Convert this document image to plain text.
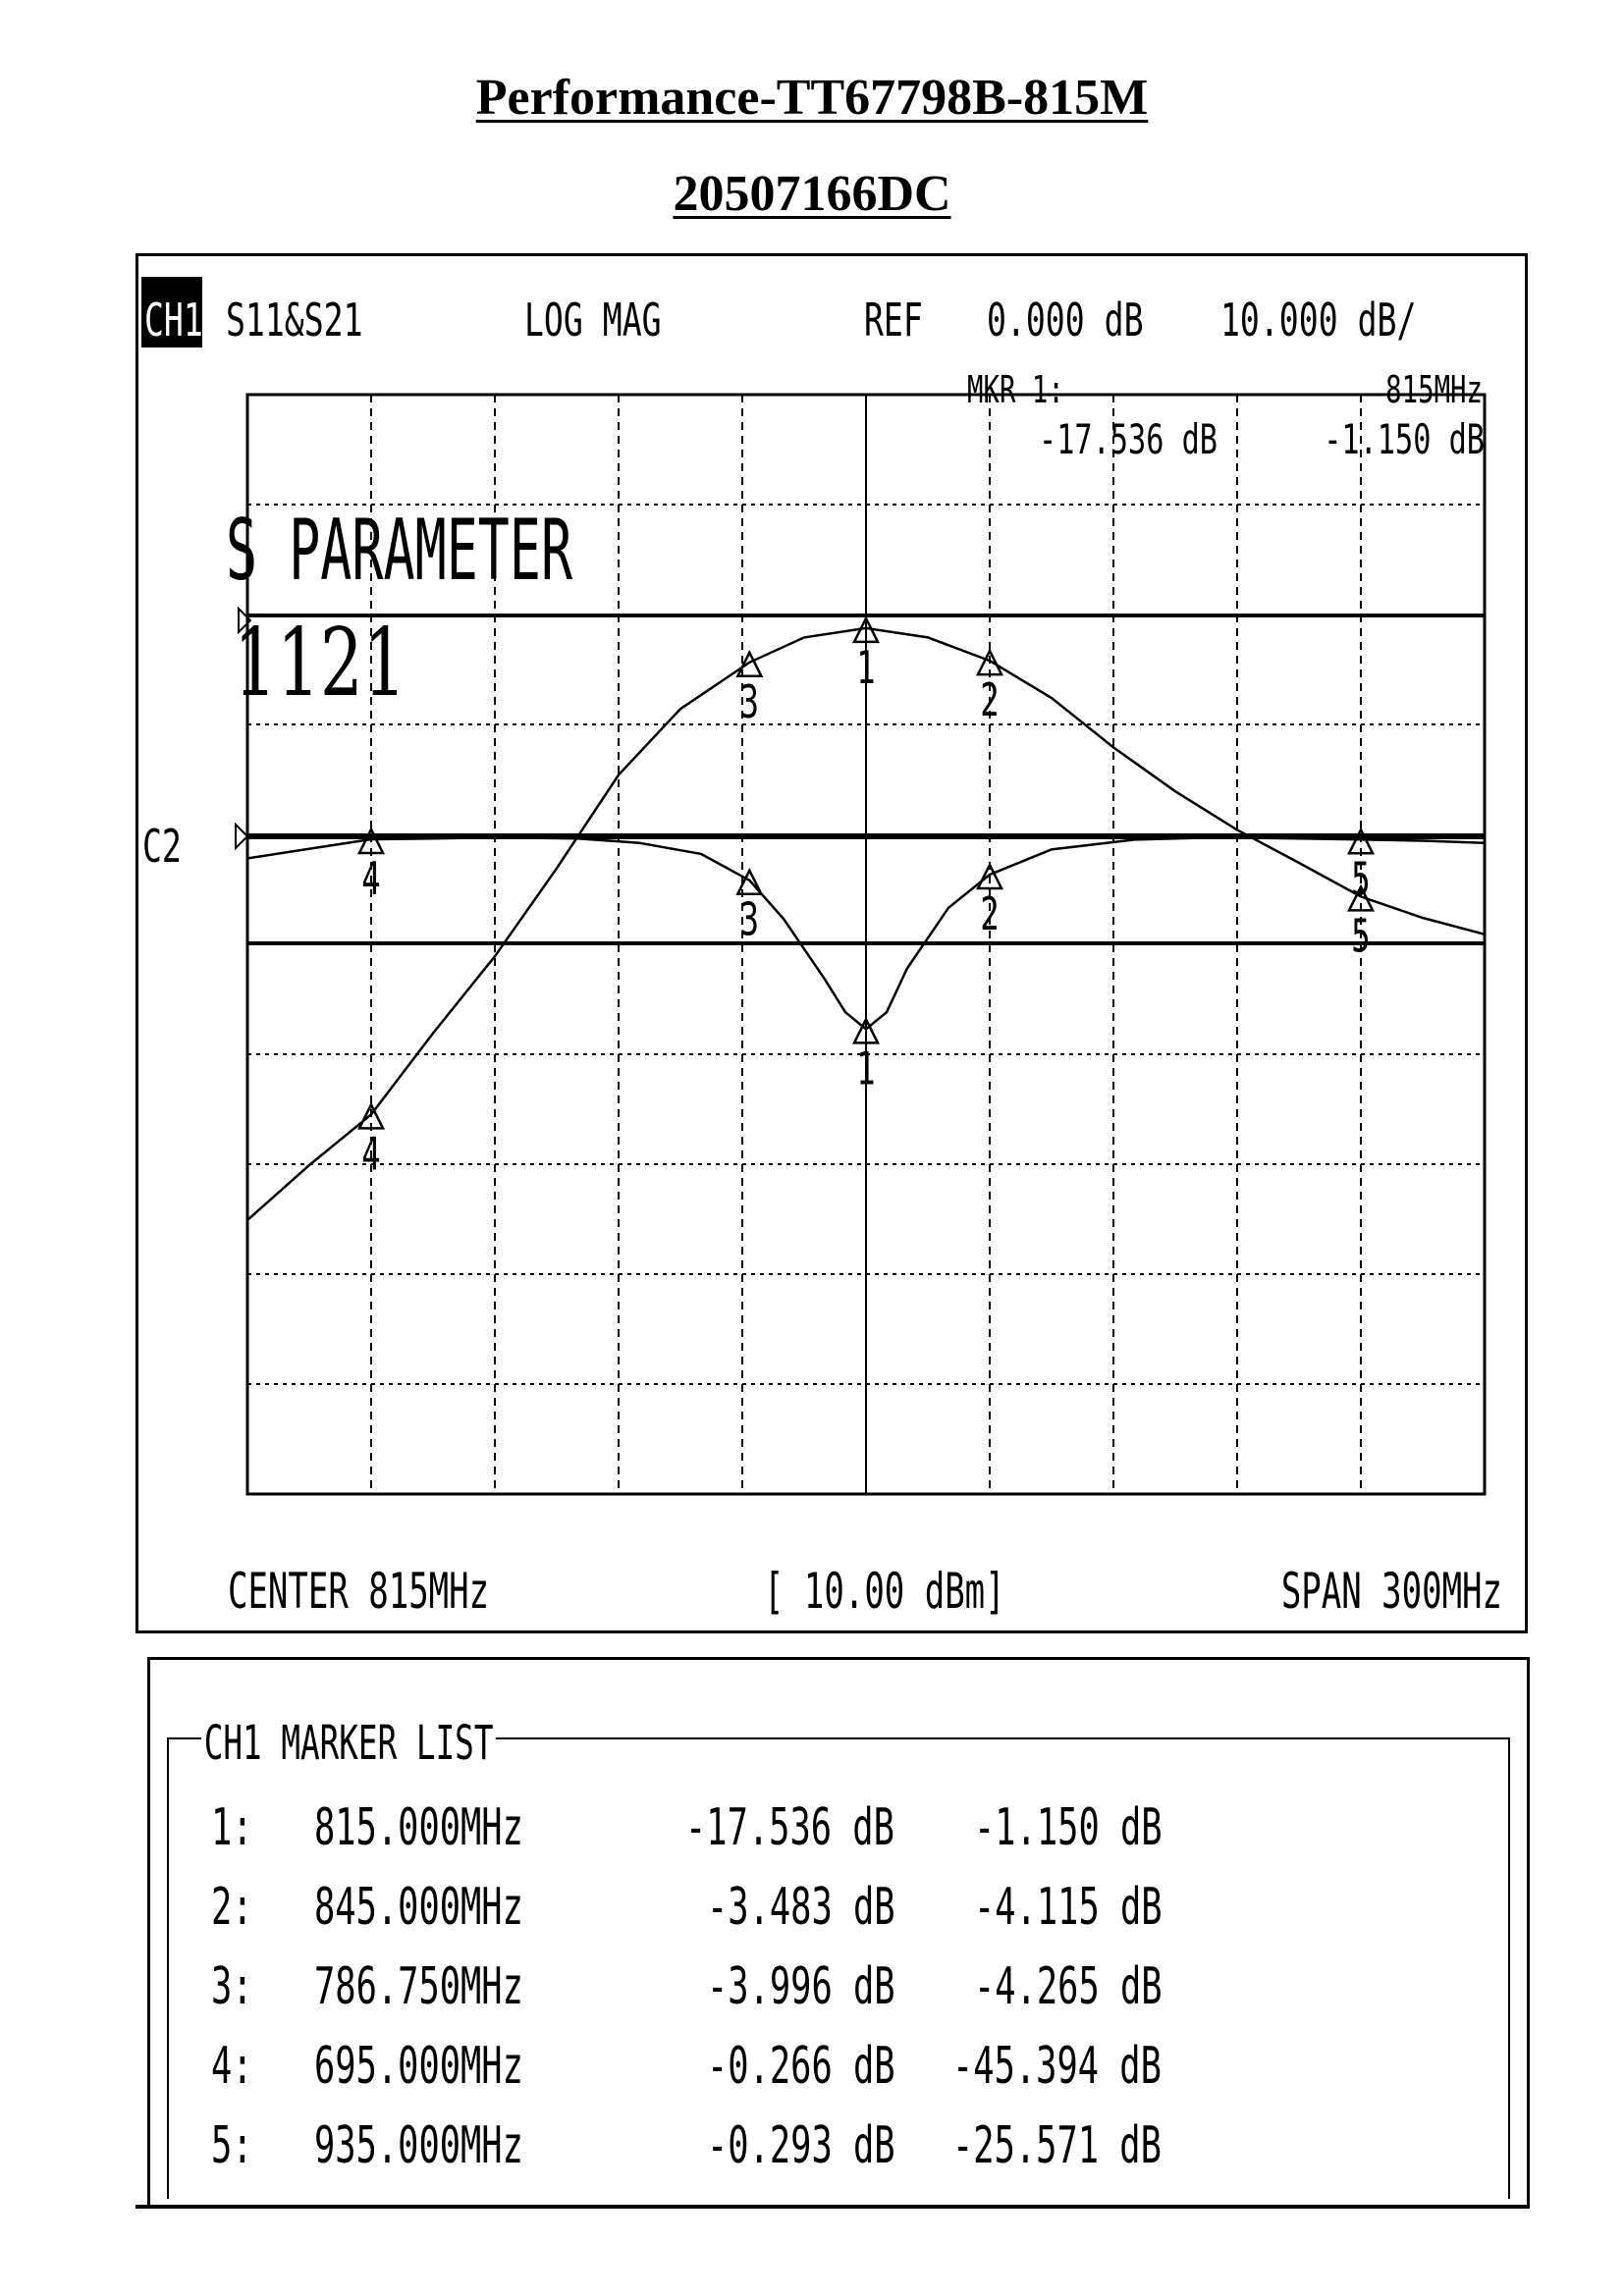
Performance-TT67798B-815M
20507166DC
CH1 S11&S21	LOG MAG	REF 0.000 dB 10.000 dB/
MKR 1:	815MHz
-17.536 dB	-1.150 dB
1
1
2
2
3
3
4
4
5
5
S PARAMETER
1121
C2
CENTER 815MHz	[ 10.00 dBm]	SPAN 300MHz
CH1 MARKER LIST
1: 815.000MHz	-17.536 dB -1.150 dB
2: 845.000MHz	-3.483 dB -4.115 dB
3: 786.750MHz	-3.996 dB -4.265 dB
4: 695.000MHz	-0.266 dB -45.394 dB
5: 935.000MHz	-0.293 dB -25.571 dB
